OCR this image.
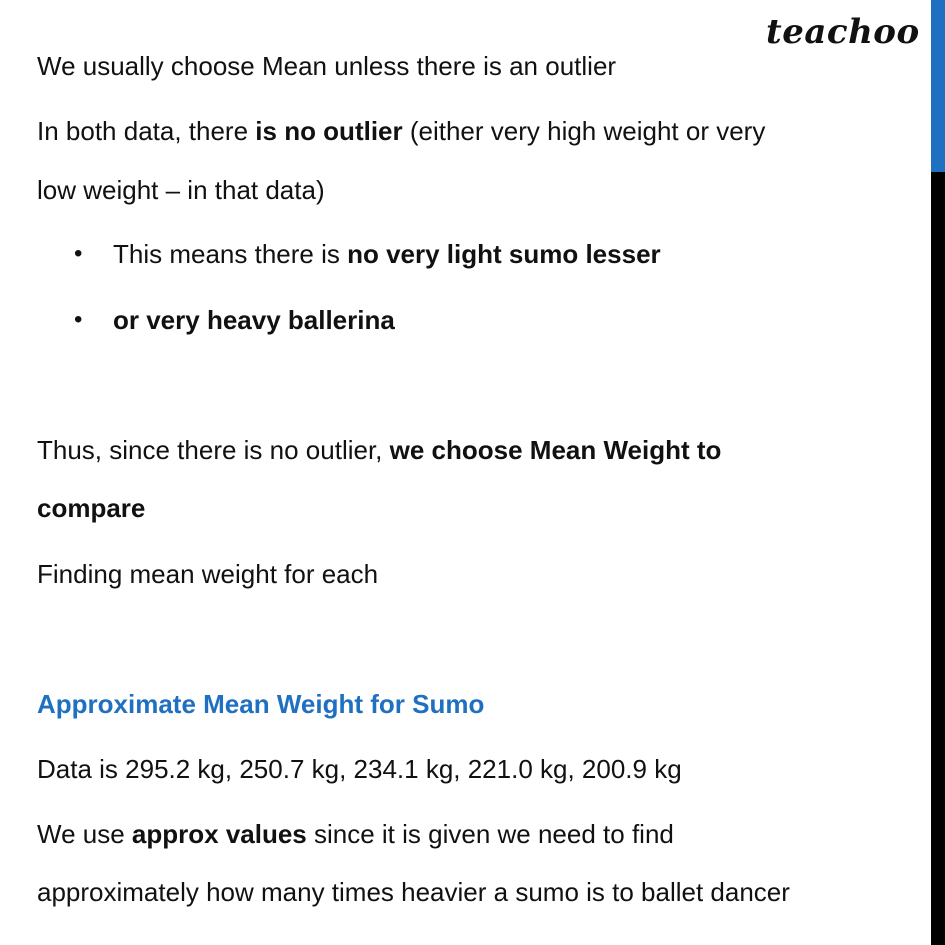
teachoo
We usually choose Mean unless there is an outlier
In both data, there is no outlier (either very high weight or very
low weight – in that data)
• This means there is no very light sumo lesser
• or very heavy ballerina
Thus, since there is no outlier, we choose Mean Weight to
compare
Finding mean weight for each
Approximate Mean Weight for Sumo
Data is 295.2 kg, 250.7 kg, 234.1 kg, 221.0 kg, 200.9 kg
We use approx values since it is given we need to find
approximately how many times heavier a sumo is to ballet dancer
